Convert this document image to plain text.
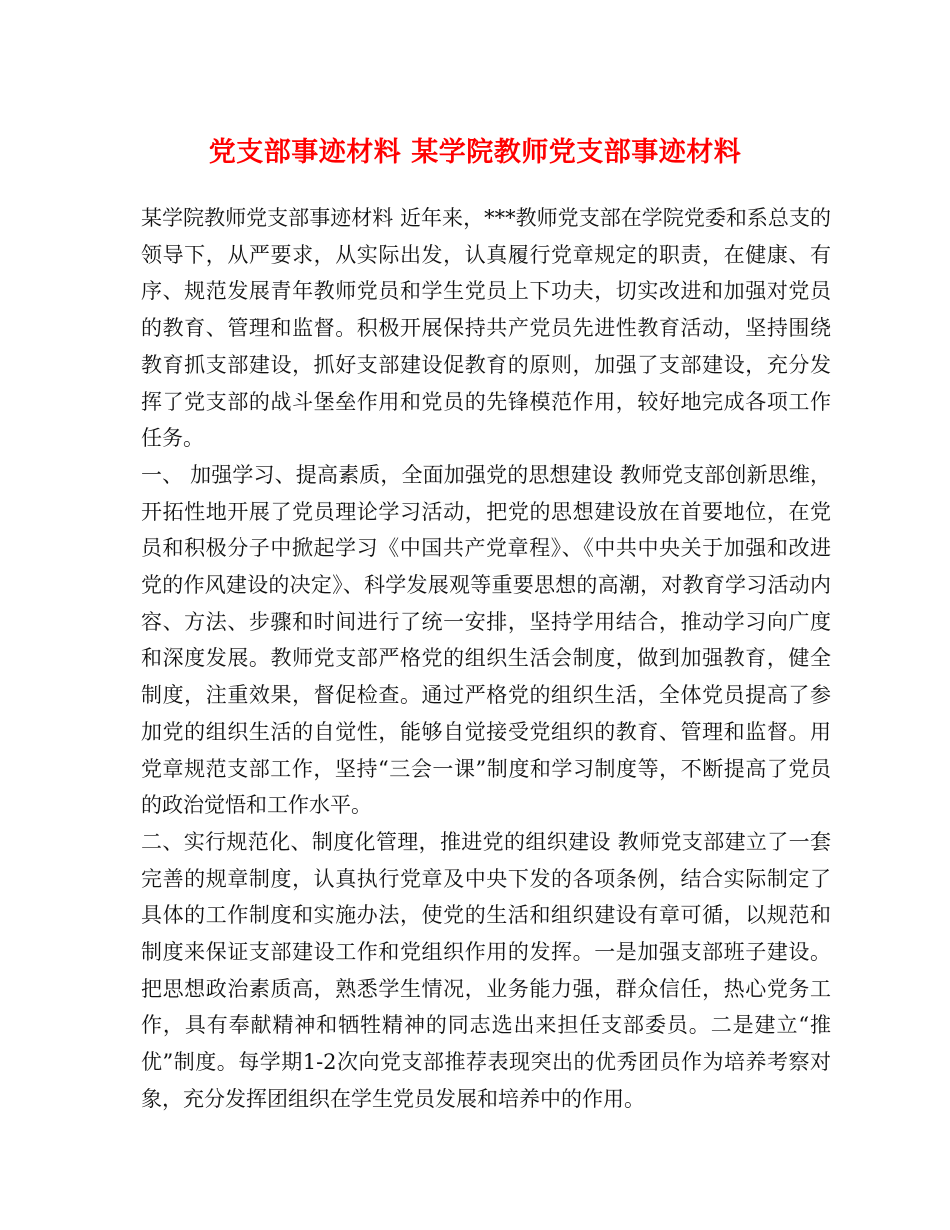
党支部事迹材料 某学院教师党支部事迹材料

某学院教师党支部事迹材料 近年来，***教师党支部在学院党委和系总支的领导下，从严要求，从实际出发，认真履行党章规定的职责，在健康、有序、规范发展青年教师党员和学生党员上下功夫，切实改进和加强对党员的教育、管理和监督。积极开展保持共产党员先进性教育活动，坚持围绕教育抓支部建设，抓好支部建设促教育的原则，加强了支部建设，充分发挥了党支部的战斗堡垒作用和党员的先锋模范作用，较好地完成各项工作任务。

一、 加强学习、提高素质，全面加强党的思想建设 教师党支部创新思维，开拓性地开展了党员理论学习活动，把党的思想建设放在首要地位，在党员和积极分子中掀起学习《中国共产党章程》、《中共中央关于加强和改进党的作风建设的决定》、科学发展观等重要思想的高潮，对教育学习活动内容、方法、步骤和时间进行了统一安排，坚持学用结合，推动学习向广度和深度发展。教师党支部严格党的组织生活会制度，做到加强教育，健全制度，注重效果，督促检查。通过严格党的组织生活，全体党员提高了参加党的组织生活的自觉性，能够自觉接受党组织的教育、管理和监督。用党章规范支部工作，坚持“三会一课”制度和学习制度等，不断提高了党员的政治觉悟和工作水平。

二、实行规范化、制度化管理，推进党的组织建设 教师党支部建立了一套完善的规章制度，认真执行党章及中央下发的各项条例，结合实际制定了具体的工作制度和实施办法，使党的生活和组织建设有章可循，以规范和制度来保证支部建设工作和党组织作用的发挥。一是加强支部班子建设。把思想政治素质高，熟悉学生情况，业务能力强，群众信任，热心党务工作，具有奉献精神和牺牲精神的同志选出来担任支部委员。二是建立“推优”制度。每学期1-2次向党支部推荐表现突出的优秀团员作为培养考察对象，充分发挥团组织在学生党员发展和培养中的作用。
